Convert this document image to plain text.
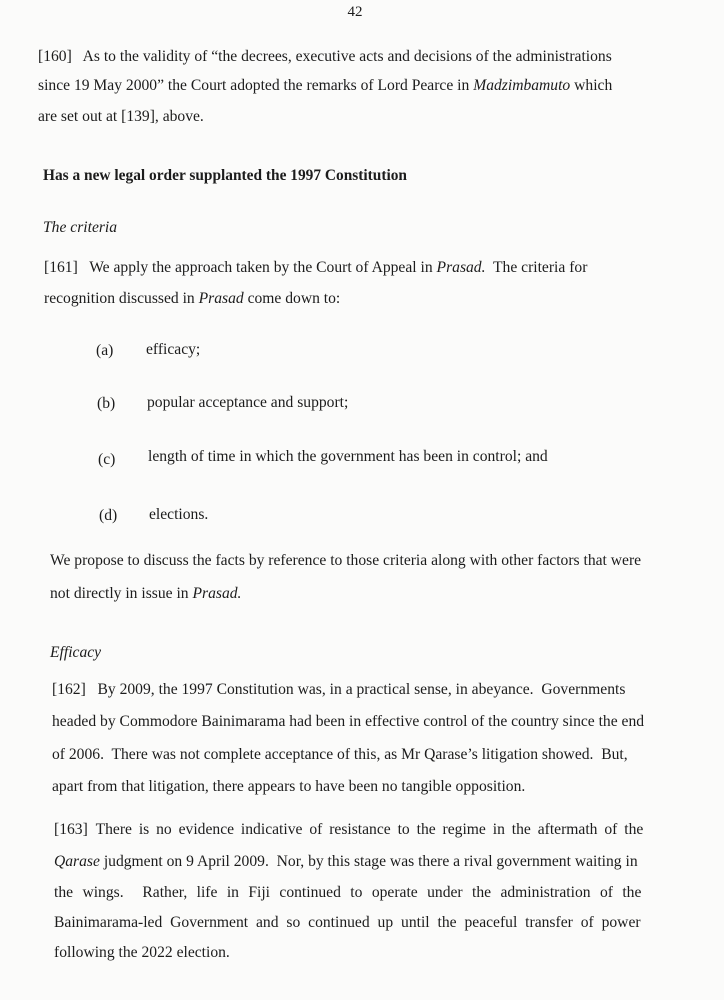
42
[160] As to the validity of “the decrees, executive acts and decisions of the administrations
since 19 May 2000” the Court adopted the remarks of Lord Pearce in Madzimbamuto which
are set out at [139], above.
Has a new legal order supplanted the 1997 Constitution
The criteria
[161] We apply the approach taken by the Court of Appeal in Prasad.  The criteria for
recognition discussed in Prasad come down to:
(a) efficacy;
(b) popular acceptance and support;
(c) length of time in which the government has been in control; and
(d) elections.
We propose to discuss the facts by reference to those criteria along with other factors that were
not directly in issue in Prasad.
Efficacy
[162] By 2009, the 1997 Constitution was, in a practical sense, in abeyance.  Governments
headed by Commodore Bainimarama had been in effective control of the country since the end
of 2006.  There was not complete acceptance of this, as Mr Qarase’s litigation showed.  But,
apart from that litigation, there appears to have been no tangible opposition.
[163] There is no evidence indicative of resistance to the regime in the aftermath of the
Qarase judgment on 9 April 2009.  Nor, by this stage was there a rival government waiting in
the wings.  Rather, life in Fiji continued to operate under the administration of the
Bainimarama-led Government and so continued up until the peaceful transfer of power
following the 2022 election.
